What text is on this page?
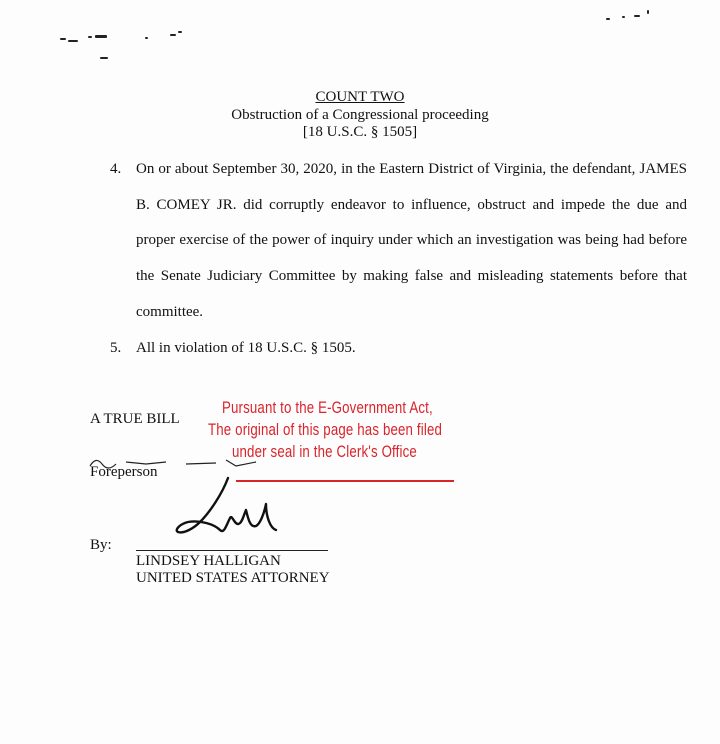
COUNT TWO
Obstruction of a Congressional proceeding
[18 U.S.C. § 1505]
4. On or about September 30, 2020, in the Eastern District of Virginia, the defendant, JAMES
B. COMEY JR. did corruptly endeavor to influence, obstruct and impede the due and
proper exercise of the power of inquiry under which an investigation was being had before
the Senate Judiciary Committee by making false and misleading statements before that
committee.
5. All in violation of 18 U.S.C. § 1505.
A TRUE BILL
Foreperson
Pursuant to the E-Government Act,
The original of this page has been filed
under seal in the Clerk's Office
By:
LINDSEY HALLIGAN
UNITED STATES ATTORNEY
